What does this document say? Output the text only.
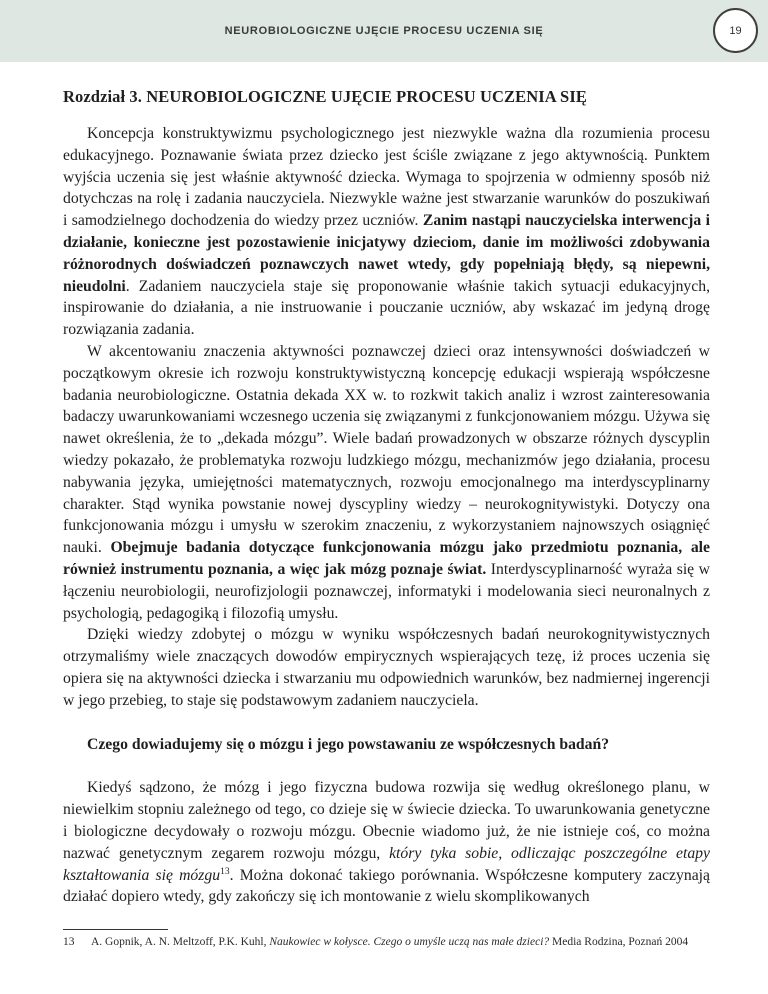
NEUROBIOLOGICZNE UJĘCIE PROCESU UCZENIA SIĘ	19
Rozdział 3. NEUROBIOLOGICZNE UJĘCIE PROCESU UCZENIA SIĘ

Koncepcja konstruktywizmu psychologicznego jest niezwykle ważna dla rozumienia procesu edukacyjnego. Poznawanie świata przez dziecko jest ściśle związane z jego aktywnością. Punktem wyjścia uczenia się jest właśnie aktywność dziecka. Wymaga to spojrzenia w odmienny sposób niż dotychczas na rolę i zadania nauczyciela. Niezwykle ważne jest stwarzanie warunków do poszukiwań i samodzielnego dochodzenia do wiedzy przez uczniów. Zanim nastąpi nauczycielska interwencja i działanie, konieczne jest pozostawienie inicjatywy dzieciom, danie im możliwości zdobywania różnorodnych doświadczeń poznawczych nawet wtedy, gdy popełniają błędy, są niepewni, nieudolni. Zadaniem nauczyciela staje się proponowanie właśnie takich sytuacji edukacyjnych, inspirowanie do działania, a nie instruowanie i pouczanie uczniów, aby wskazać im jedyną drogę rozwiązania zadania.

W akcentowaniu znaczenia aktywności poznawczej dzieci oraz intensywności doświadczeń w początkowym okresie ich rozwoju konstruktywistyczną koncepcję edukacji wspierają współczesne badania neurobiologiczne. Ostatnia dekada XX w. to rozkwit takich analiz i wzrost zainteresowania badaczy uwarunkowaniami wczesnego uczenia się związanymi z funkcjonowaniem mózgu. Używa się nawet określenia, że to „dekada mózgu”. Wiele badań prowadzonych w obszarze różnych dyscyplin wiedzy pokazało, że problematyka rozwoju ludzkiego mózgu, mechanizmów jego działania, procesu nabywania języka, umiejętności matematycznych, rozwoju emocjonalnego ma interdyscyplinarny charakter. Stąd wynika powstanie nowej dyscypliny wiedzy – neurokognitywistyki. Dotyczy ona funkcjonowania mózgu i umysłu w szerokim znaczeniu, z wykorzystaniem najnowszych osiągnięć nauki. Obejmuje badania dotyczące funkcjonowania mózgu jako przedmiotu poznania, ale również instrumentu poznania, a więc jak mózg poznaje świat. Interdyscyplinarność wyraża się w łączeniu neurobiologii, neurofizjologii poznawczej, informatyki i modelowania sieci neuronalnych z psychologią, pedagogiką i filozofią umysłu.

Dzięki wiedzy zdobytej o mózgu w wyniku współczesnych badań neurokognitywistycznych otrzymaliśmy wiele znaczących dowodów empirycznych wspierających tezę, iż proces uczenia się opiera się na aktywności dziecka i stwarzaniu mu odpowiednich warunków, bez nadmiernej ingerencji w jego przebieg, to staje się podstawowym zadaniem nauczyciela.

Czego dowiadujemy się o mózgu i jego powstawaniu ze współczesnych badań?

Kiedyś sądzono, że mózg i jego fizyczna budowa rozwija się według określonego planu, w niewielkim stopniu zależnego od tego, co dzieje się w świecie dziecka. To uwarunkowania genetyczne i biologiczne decydowały o rozwoju mózgu. Obecnie wiadomo już, że nie istnieje coś, co można nazwać genetycznym zegarem rozwoju mózgu, który tyka sobie, odliczając poszczególne etapy kształtowania się mózgu$^{13}$. Można dokonać takiego porównania. Współczesne komputery zaczynają działać dopiero wtedy, gdy zakończy się ich montowanie z wielu skomplikowanych

13	A. Gopnik, A. N. Meltzoff, P.K. Kuhl, Naukowiec w kołysce. Czego o umyśle uczą nas małe dzieci? Media Rodzina, Poznań 2004
